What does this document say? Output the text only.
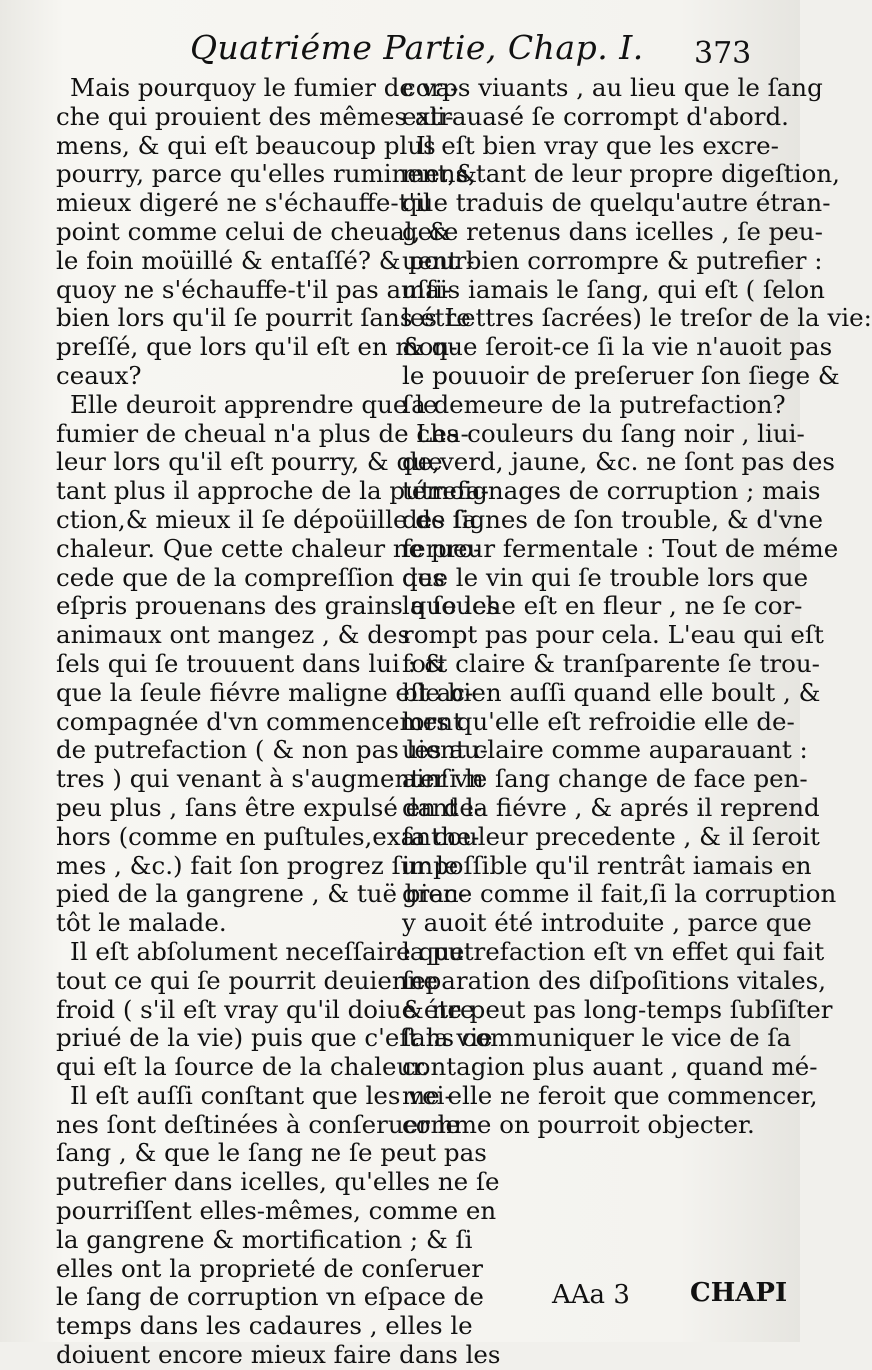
Quatriéme Partie, Chap. I. 373
Mais pourquoy le fumier de va-
che qui prouient des mêmes ali-
mens, & qui eſt beaucoup plus
pourry, parce qu'elles ruminent,&
mieux digeré ne s'échauffe-t'il
point comme celui de cheual, &
le foin moüillé & entaſſé? & pour-
quoy ne s'échauffe-t'il pas auſſi-
bien lors qu'il ſe pourrit ſans étre
preſſé, que lors qu'il eſt en mon-
ceaux?
Elle deuroit apprendre que le
fumier de cheual n'a plus de cha-
leur lors qu'il eſt pourry, & que
tant plus il approche de la putrefa-
ction,& mieux il ſe dépoüille de ſa
chaleur. Que cette chaleur ne pro-
cede que de la compreſſion des
eſpris prouenans des grains que les
animaux ont mangez , & des
ſels qui ſe trouuent dans lui : &
que la ſeule fiévre maligne eſt ac-
compagnée d'vn commencement
de putrefaction ( & non pas les au-
tres ) qui venant à s'augmenter vn
peu plus , ſans être expulsé en de-
hors (comme en puſtules,exanthe-
mes , &c.) fait ſon progrez ſur le
pied de la gangrene , & tuë bien-
tôt le malade.
Il eſt abſolument neceſſaire que
tout ce qui ſe pourrit deuienne
froid ( s'il eſt vray qu'il doiue étre
priué de la vie) puis que c'eſt la vie
qui eſt la ſource de la chaleur.
Il eſt auſſi conſtant que les vei-
nes ſont deſtinées à conſeruer le
ſang , & que le ſang ne ſe peut pas
putrefier dans icelles, qu'elles ne ſe
pourriſſent elles-mêmes, comme en
la gangrene & mortification ; & ſi
elles ont la proprieté de conſeruer
le ſang de corruption vn eſpace de
temps dans les cadaures , elles le
doiuent encore mieux faire dans les
corps viuants , au lieu que le ſang
extrauasé ſe corrompt d'abord.
Il eſt bien vray que les excre-
mens,tant de leur propre digeſtion,
que traduis de quelqu'autre étran-
gere retenus dans icelles , ſe peu-
uent bien corrompre & putrefier :
mais iamais le ſang, qui eſt ( ſelon
les Lettres ſacrées) le treſor de la vie:
& que ſeroit-ce ſi la vie n'auoit pas
le pouuoir de preſeruer ſon ſiege &
ſa demeure de la putrefaction?
Les couleurs du ſang noir , liui-
de,verd, jaune, &c. ne ſont pas des
témoignages de corruption ; mais
des ſignes de ſon trouble, & d'vne
ferueur fermentale : Tout de méme
que le vin qui ſe trouble lors que
la ſouche eſt en fleur , ne ſe cor-
rompt pas pour cela. L'eau qui eſt
fort claire & tranſparente ſe trou-
ble bien auſſi quand elle boult , &
lors qu'elle eſt refroidie elle de-
uient claire comme auparauant :
ainſi le ſang change de face pen-
dant la fiévre , & aprés il reprend
ſa couleur precedente , & il ſeroit
impoſſible qu'il rentrât iamais en
grace comme il fait,ſi la corruption
y auoit été introduite , parce que
la putrefaction eſt vn effet qui fait
ſeparation des diſpoſitions vitales,
& ne peut pas long-temps ſubſiſter
ſans communiquer le vice de ſa
contagion plus auant , quand mé-
me elle ne feroit que commencer,
comme on pourroit objecter.
AAa 3 CHAPI
